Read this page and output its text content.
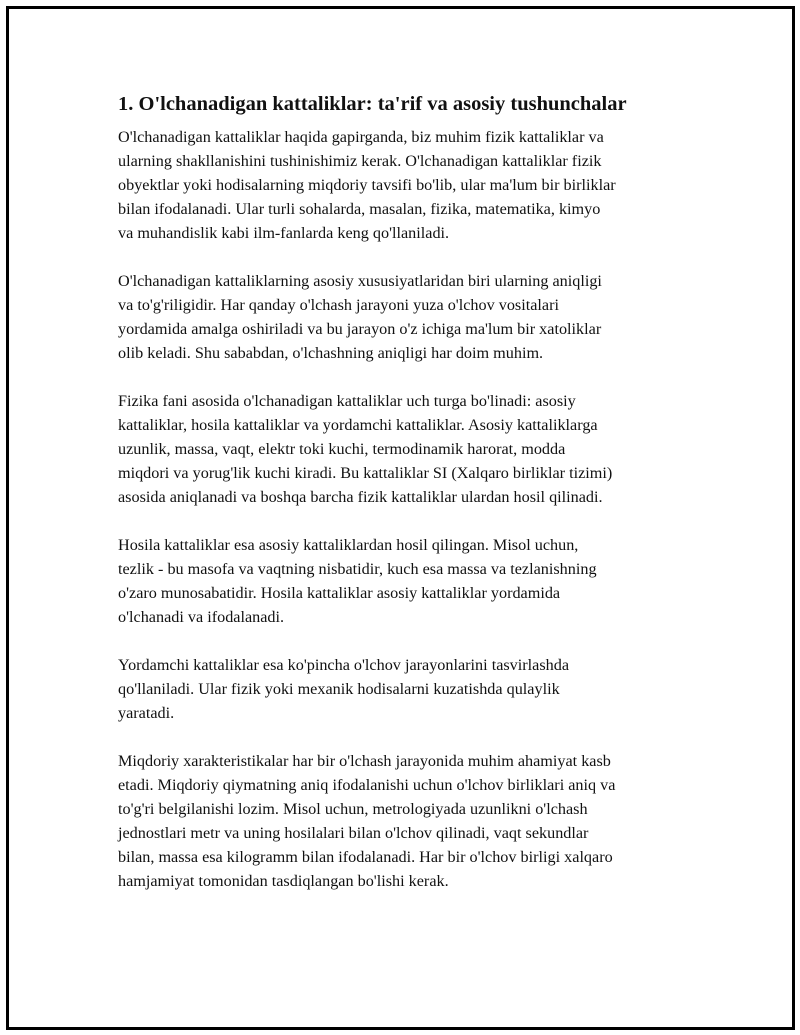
1. O'lchanadigan kattaliklar: ta'rif va asosiy tushunchalar

O'lchanadigan kattaliklar haqida gapirganda, biz muhim fizik kattaliklar va
ularning shakllanishini tushinishimiz kerak. O'lchanadigan kattaliklar fizik
obyektlar yoki hodisalarning miqdoriy tavsifi bo'lib, ular ma'lum bir birliklar
bilan ifodalanadi. Ular turli sohalarda, masalan, fizika, matematika, kimyo
va muhandislik kabi ilm-fanlarda keng qo'llaniladi.

O'lchanadigan kattaliklarning asosiy xususiyatlaridan biri ularning aniqligi
va to'g'riligidir. Har qanday o'lchash jarayoni yuza o'lchov vositalari
yordamida amalga oshiriladi va bu jarayon o'z ichiga ma'lum bir xatoliklar
olib keladi. Shu sababdan, o'lchashning aniqligi har doim muhim.

Fizika fani asosida o'lchanadigan kattaliklar uch turga bo'linadi: asosiy
kattaliklar, hosila kattaliklar va yordamchi kattaliklar. Asosiy kattaliklarga
uzunlik, massa, vaqt, elektr toki kuchi, termodinamik harorat, modda
miqdori va yorug'lik kuchi kiradi. Bu kattaliklar SI (Xalqaro birliklar tizimi)
asosida aniqlanadi va boshqa barcha fizik kattaliklar ulardan hosil qilinadi.

Hosila kattaliklar esa asosiy kattaliklardan hosil qilingan. Misol uchun,
tezlik - bu masofa va vaqtning nisbatidir, kuch esa massa va tezlanishning
o'zaro munosabatidir. Hosila kattaliklar asosiy kattaliklar yordamida
o'lchanadi va ifodalanadi.

Yordamchi kattaliklar esa ko'pincha o'lchov jarayonlarini tasvirlashda
qo'llaniladi. Ular fizik yoki mexanik hodisalarni kuzatishda qulaylik
yaratadi.

Miqdoriy xarakteristikalar har bir o'lchash jarayonida muhim ahamiyat kasb
etadi. Miqdoriy qiymatning aniq ifodalanishi uchun o'lchov birliklari aniq va
to'g'ri belgilanishi lozim. Misol uchun, metrologiyada uzunlikni o'lchash
jednostlari metr va uning hosilalari bilan o'lchov qilinadi, vaqt sekundlar
bilan, massa esa kilogramm bilan ifodalanadi. Har bir o'lchov birligi xalqaro
hamjamiyat tomonidan tasdiqlangan bo'lishi kerak.
